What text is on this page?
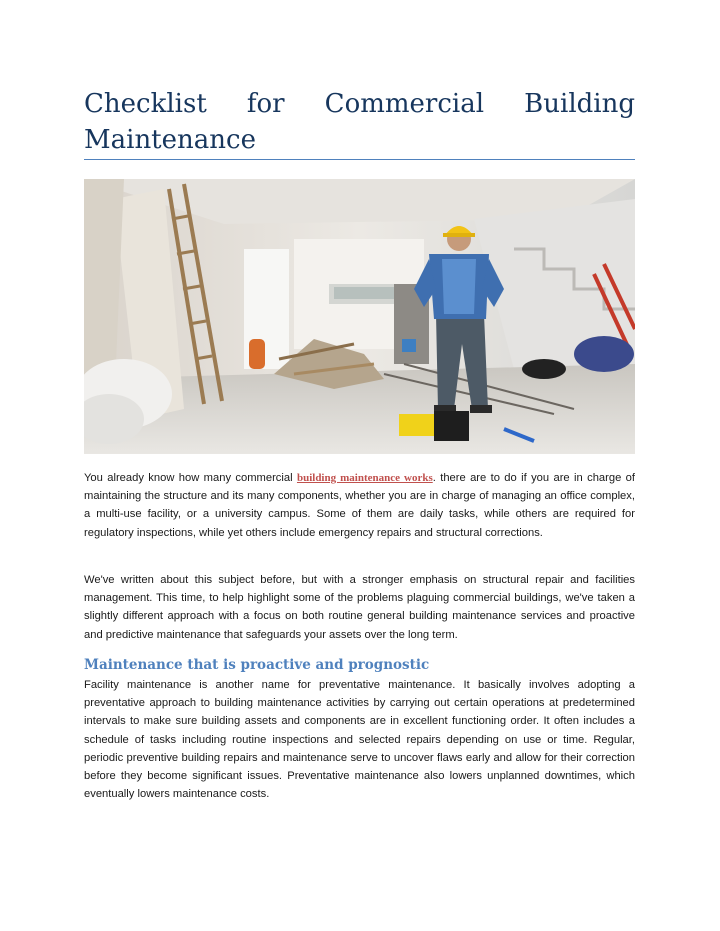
Checklist for Commercial Building Maintenance

You already know how many commercial building maintenance works. there are to do if you are in charge of maintaining the structure and its many components, whether you are in charge of managing an office complex, a multi-use facility, or a university campus. Some of them are daily tasks, while others are required for regulatory inspections, while yet others include emergency repairs and structural corrections.

We've written about this subject before, but with a stronger emphasis on structural repair and facilities management. This time, to help highlight some of the problems plaguing commercial buildings, we've taken a slightly different approach with a focus on both routine general building maintenance services and proactive and predictive maintenance that safeguards your assets over the long term.

Maintenance that is proactive and prognostic

Facility maintenance is another name for preventative maintenance. It basically involves adopting a preventative approach to building maintenance activities by carrying out certain operations at predetermined intervals to make sure building assets and components are in excellent functioning order. It often includes a schedule of tasks including routine inspections and selected repairs depending on use or time. Regular, periodic preventive building repairs and maintenance serve to uncover flaws early and allow for their correction before they become significant issues. Preventative maintenance also lowers unplanned downtimes, which eventually lowers maintenance costs.
